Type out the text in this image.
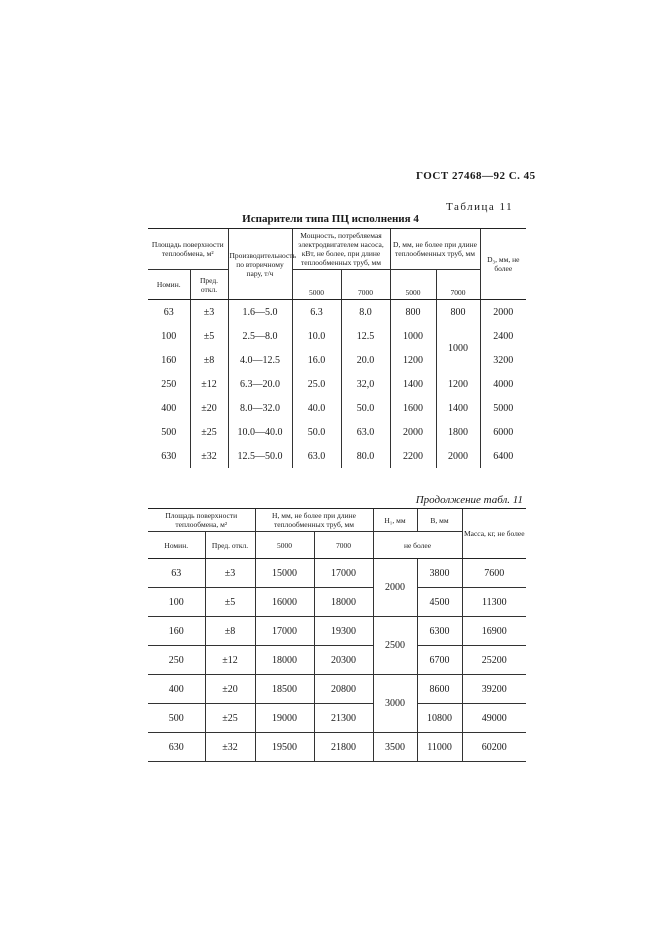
ГОСТ 27468—92 С. 45
Таблица 11
Испарители типа ПЦ исполнения 4
Площадь поверхности теплообмена, м²		Производительность по вторичному пару, т/ч	Мощность, потребляемая электродвигателем насоса, кВт, не более, при длине теплообменных труб, мм		D, мм, не более при длине теплообменных труб, мм		D₃, мм, не более
Номин.	Пред. откл.						
			5000	7000	5000	7000	
63	±3	1.6—5.0	6.3	8.0	800	800	2000
100	±5	2.5—8.0	10.0	12.5	1000	1000	2400
160	±8	4.0—12.5	16.0	20.0	1200		3200
250	±12	6.3—20.0	25.0	32,0	1400	1200	4000
400	±20	8.0—32.0	40.0	50.0	1600	1400	5000
500	±25	10.0—40.0	50.0	63.0	2000	1800	6000
630	±32	12.5—50.0	63.0	80.0	2200	2000	6400
Продолжение табл. 11
Площадь поверхности теплообмена, м²		H, мм, не более при длине теплообменных труб, мм		H₁, мм	B, мм	Масса, кг, не более
Номин.	Пред. откл.	5000	7000	не более		
63	±3	15000	17000	2000	3800	7600
100	±5	16000	18000		4500	11300
160	±8	17000	19300	2500	6300	16900
250	±12	18000	20300		6700	25200
400	±20	18500	20800	3000	8600	39200
500	±25	19000	21300		10800	49000
630	±32	19500	21800	3500	11000	60200
